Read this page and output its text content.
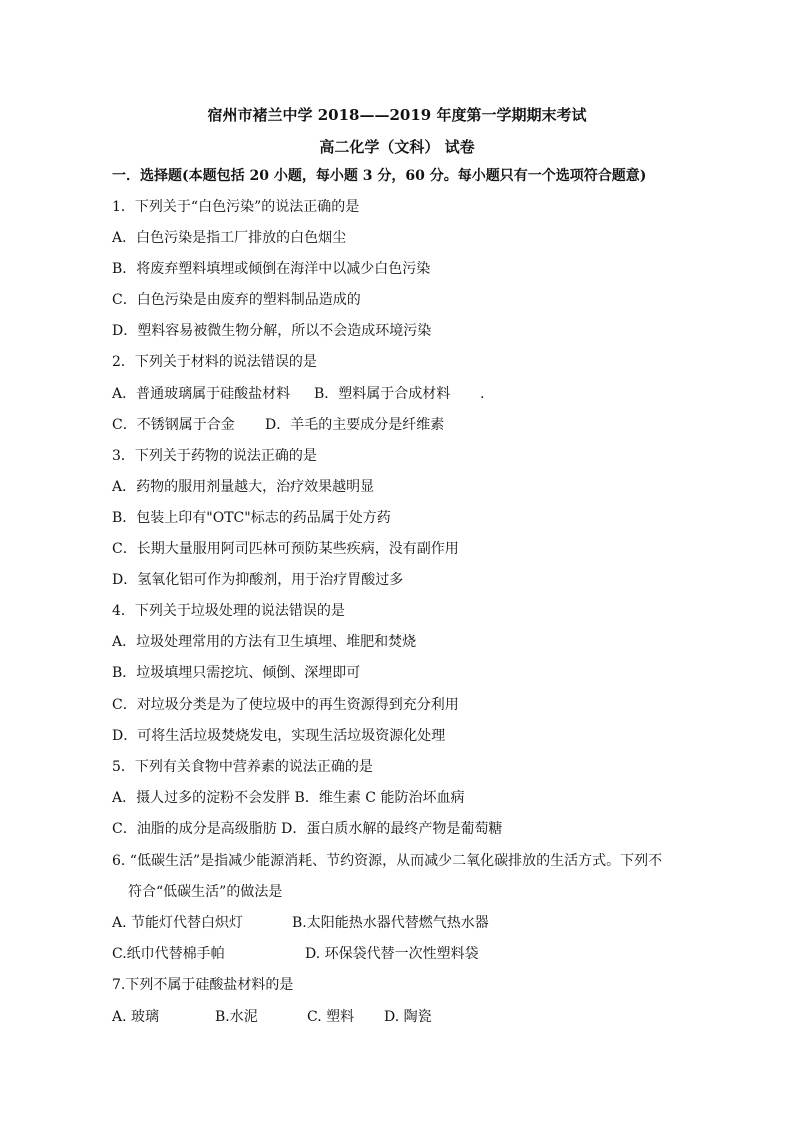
宿州市褚兰中学 2018——2019 年度第一学期期末考试
高二化学（文科） 试卷
一．选择题(本题包括 20 小题，每小题 3 分，60 分。每小题只有一个选项符合题意)
1．下列关于“白色污染”的说法正确的是
A．白色污染是指工厂排放的白色烟尘
B．将废弃塑料填埋或倾倒在海洋中以减少白色污染
C．白色污染是由废弃的塑料制品造成的
D．塑料容易被微生物分解，所以不会造成环境污染
2．下列关于材料的说法错误的是
A．普通玻璃属于硅酸盐材料 B．塑料属于合成材料 .
C．不锈钢属于合金 D．羊毛的主要成分是纤维素
3．下列关于药物的说法正确的是
A．药物的服用剂量越大，治疗效果越明显
B．包装上印有"OTC"标志的药品属于处方药
C．长期大量服用阿司匹林可预防某些疾病，没有副作用
D．氢氧化铝可作为抑酸剂，用于治疗胃酸过多
4．下列关于垃圾处理的说法错误的是
A．垃圾处理常用的方法有卫生填埋、堆肥和焚烧
B．垃圾填埋只需挖坑、倾倒、深埋即可
C．对垃圾分类是为了使垃圾中的再生资源得到充分利用
D．可将生活垃圾焚烧发电，实现生活垃圾资源化处理
5．下列有关食物中营养素的说法正确的是
A．摄人过多的淀粉不会发胖 B．维生素 C 能防治坏血病
C．油脂的成分是高级脂肪 D．蛋白质水解的最终产物是葡萄糖
6. “低碳生活”是指减少能源消耗、节约资源，从而减少二氧化碳排放的生活方式。下列不
符合“低碳生活”的做法是
A. 节能灯代替白炽灯	B.太阳能热水器代替燃气热水器
C.纸巾代替棉手帕	D. 环保袋代替一次性塑料袋
7.下列不属于硅酸盐材料的是
A. 玻璃	B.水泥	C. 塑料 D. 陶瓷
